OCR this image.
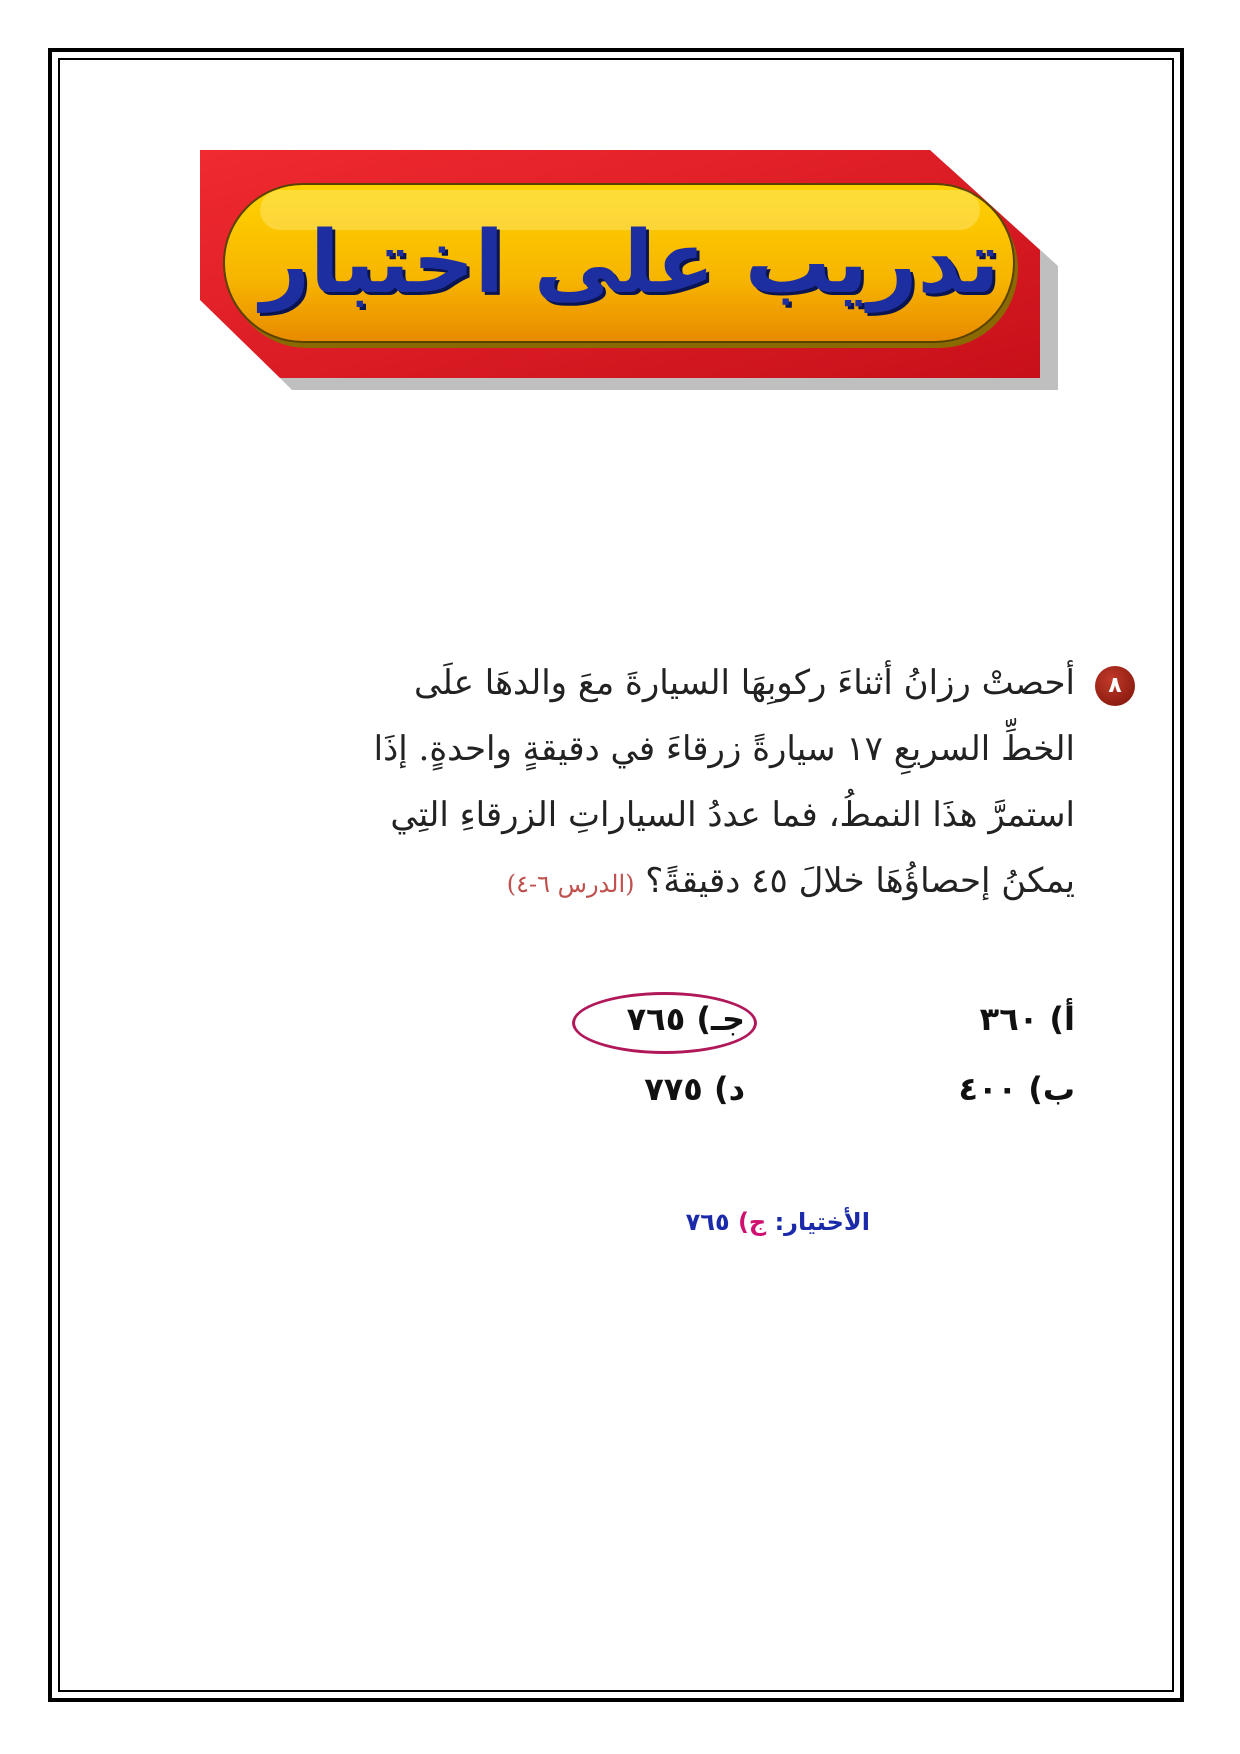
تدريب على اختبار
٨
أحصتْ رزانُ أثناءَ ركوبِهَا السيارةَ معَ والدهَا علَى
الخطِّ السريعِ ١٧ سيارةً زرقاءَ في دقيقةٍ واحدةٍ. إذَا
استمرَّ هذَا النمطُ، فما عددُ السياراتِ الزرقاءِ التِي
يمكنُ إحصاؤُهَا خلالَ ٤٥ دقيقةً؟ (الدرس ٦-٤)
أ) ٣٦٠
ب) ٤٠٠
جـ) ٧٦٥
د) ٧٧٥
الأختيار: ج) ٧٦٥
